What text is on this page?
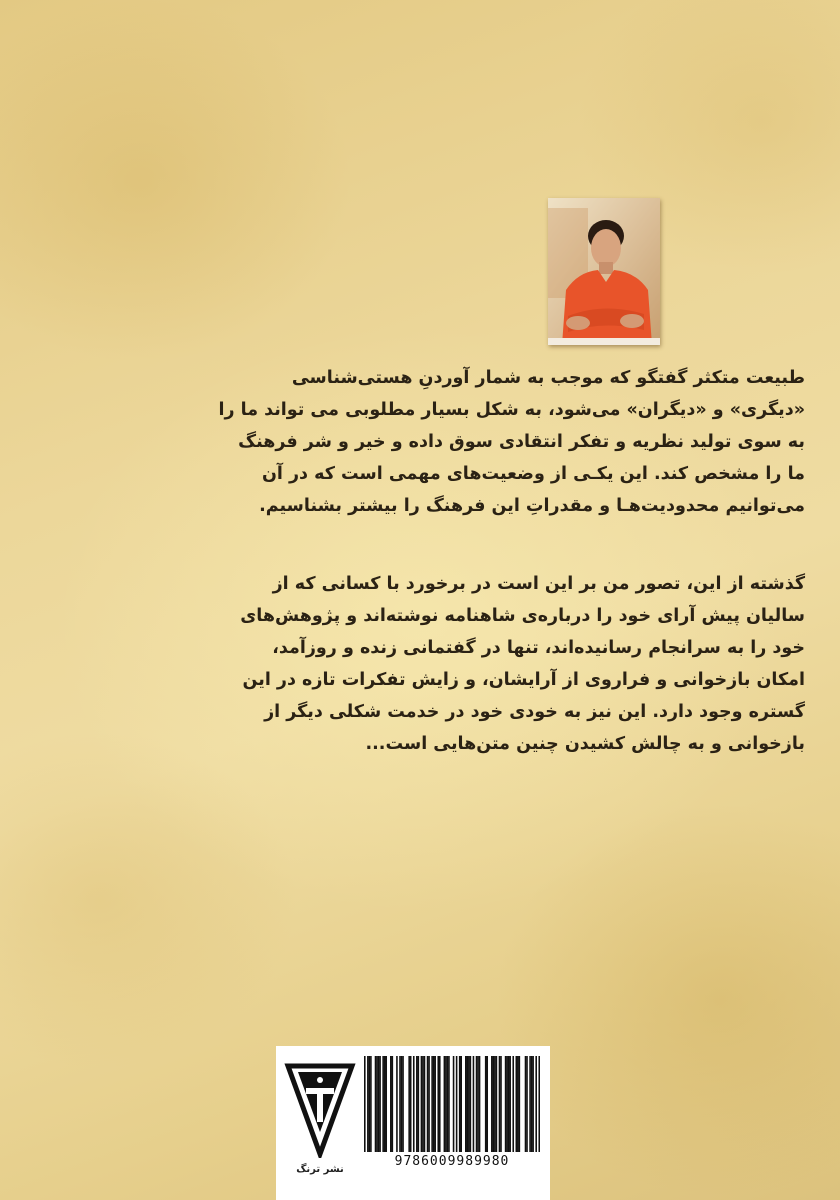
طبیعت متکثر گفتگو که موجب به شمار آوردنِ هستی‌شناسی
«دیگری» و «دیگران» می‌شود، به شکل بسیار مطلوبی می تواند ما را
به سوی تولید نظریه و تفکر انتقادی سوق داده و خیر و شر فرهنگ
ما را مشخص کند. این یکـی از وضعیت‌های مهمی است که در آن
می‌توانیم محدودیت‌هـا و مقدراتِ این فرهنگ را بیشتر بشناسیم.
گذشته از این، تصور من بر این است در برخورد با کسانی که از
سالیان پیش آرای خود را درباره‌ی شاهنامه نوشته‌اند و پژوهش‌های
خود را به سرانجام رسانیده‌اند، تنها در گفتمانی زنده و روزآمد،
امکان بازخوانی و فراروی از آرایشان، و زایش تفکرات تازه در این
گستره وجود دارد. این نیز به خودی خود در خدمت شکلی دیگر از
بازخوانی و به چالش کشیدن چنین متن‌هایی است...
نشر ترنگ
9786009989980
